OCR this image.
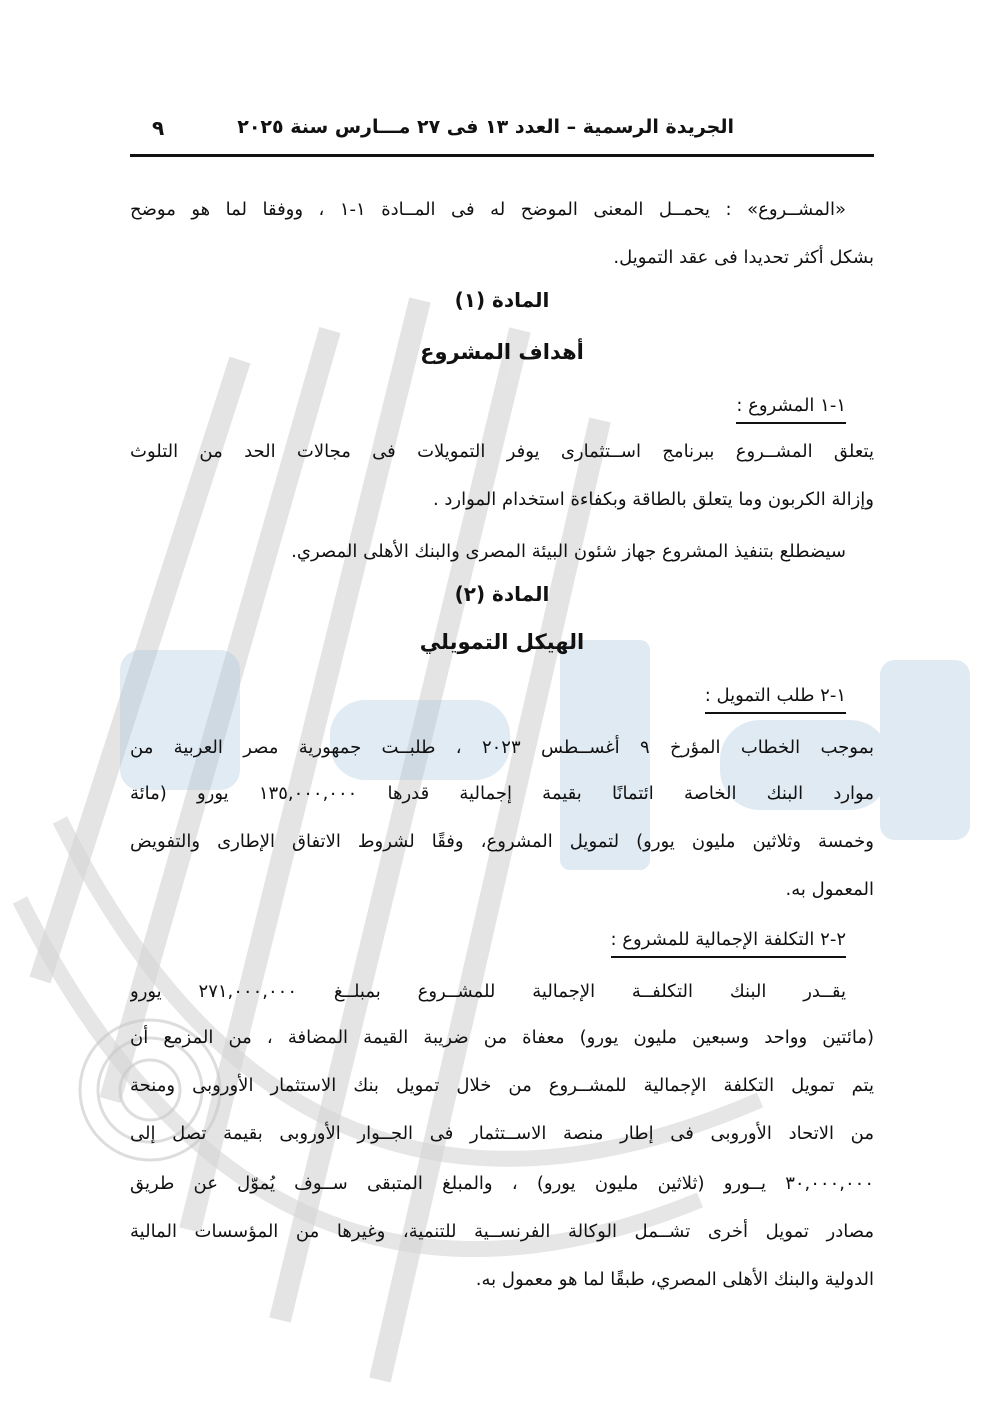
الجريدة الرسمية – العدد ١٣ فى ٢٧ مـــارس سنة ٢٠٢٥
٩
«المشــروع» : يحمــل المعنى الموضح له فى المــادة ١-١ ، ووفقا لما هو موضح
بشكل أكثر تحديدا فى عقد التمويل.
المادة (١)
أهداف المشروع
١-١ المشروع :
يتعلق المشــروع ببرنامج اســتثمارى يوفر التمويلات فى مجالات الحد من التلوث
وإزالة الكربون وما يتعلق بالطاقة وبكفاءة استخدام الموارد .
سيضطلع بتنفيذ المشروع جهاز شئون البيئة المصرى والبنك الأهلى المصري.
المادة (٢)
الهيكل التمويلي
١-٢ طلب التمويل :
بموجب الخطاب المؤرخ ٩ أغســطس ٢٠٢٣ ، طلبــت جمهورية مصر العربية من
موارد البنك الخاصة ائتمانًا بقيمة إجمالية قدرها ١٣٥,٠٠٠,٠٠٠ يورو (مائة
وخمسة وثلاثين مليون يورو) لتمويل المشروع، وفقًا لشروط الاتفاق الإطارى والتفويض
المعمول به.
٢-٢ التكلفة الإجمالية للمشروع :
يقــدر البنك التكلفــة الإجمالية للمشــروع بمبلــغ ٢٧١,٠٠٠,٠٠٠ يورو
(مائتين وواحد وسبعين مليون يورو) معفاة من ضريبة القيمة المضافة ، من المزمع أن
يتم تمويل التكلفة الإجمالية للمشــروع من خلال تمويل بنك الاستثمار الأوروبى ومنحة
من الاتحاد الأوروبى فى إطار منصة الاســتثمار فى الجــوار الأوروبى بقيمة تصل إلى
٣٠,٠٠٠,٠٠٠ يــورو (ثلاثين مليون يورو) ، والمبلغ المتبقى ســوف يُموّل عن طريق
مصادر تمويل أخرى تشــمل الوكالة الفرنســية للتنمية، وغيرها من المؤسسات المالية
الدولية والبنك الأهلى المصري، طبقًا لما هو معمول به.
